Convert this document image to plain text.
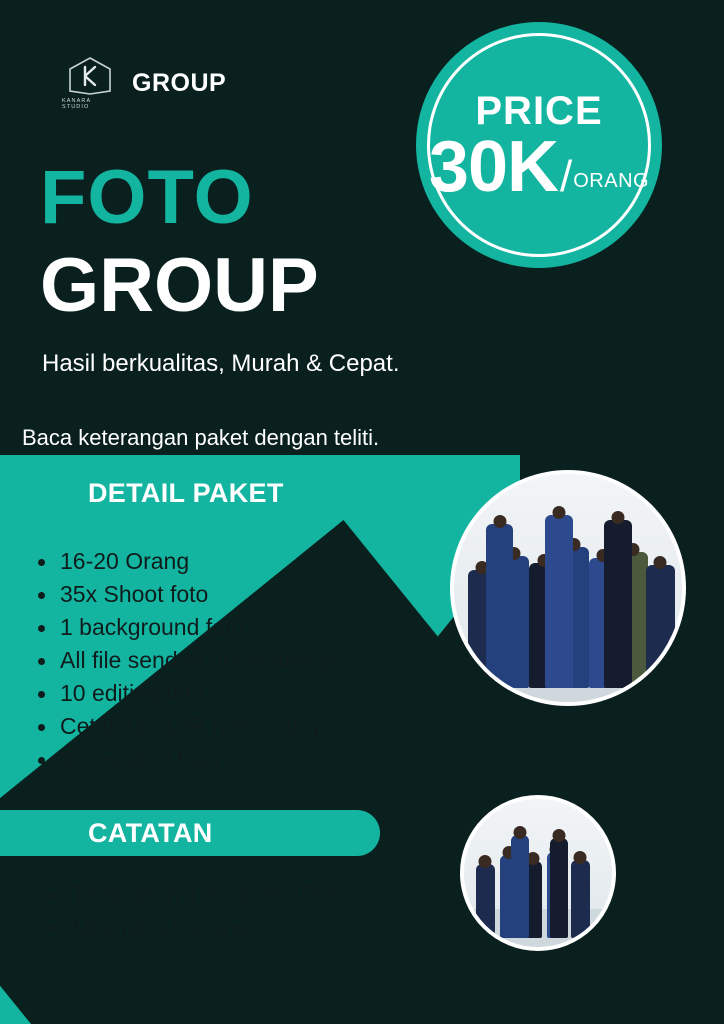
KANARA STUDIO
GROUP
PRICE
30K / ORANG
FOTO
GROUP
Hasil berkualitas, Murah & Cepat.
Baca keterangan paket dengan teliti.
DETAIL PAKET
16-20 Orang
35x Shoot foto
1 background foto
All file send to drive/airdrop
10 editing foto
Cetak uk. 10R (per orang)
2 Costum / baju
CATATAN
Tambahan 1 Kostum 100K
Minimal 16 orang
